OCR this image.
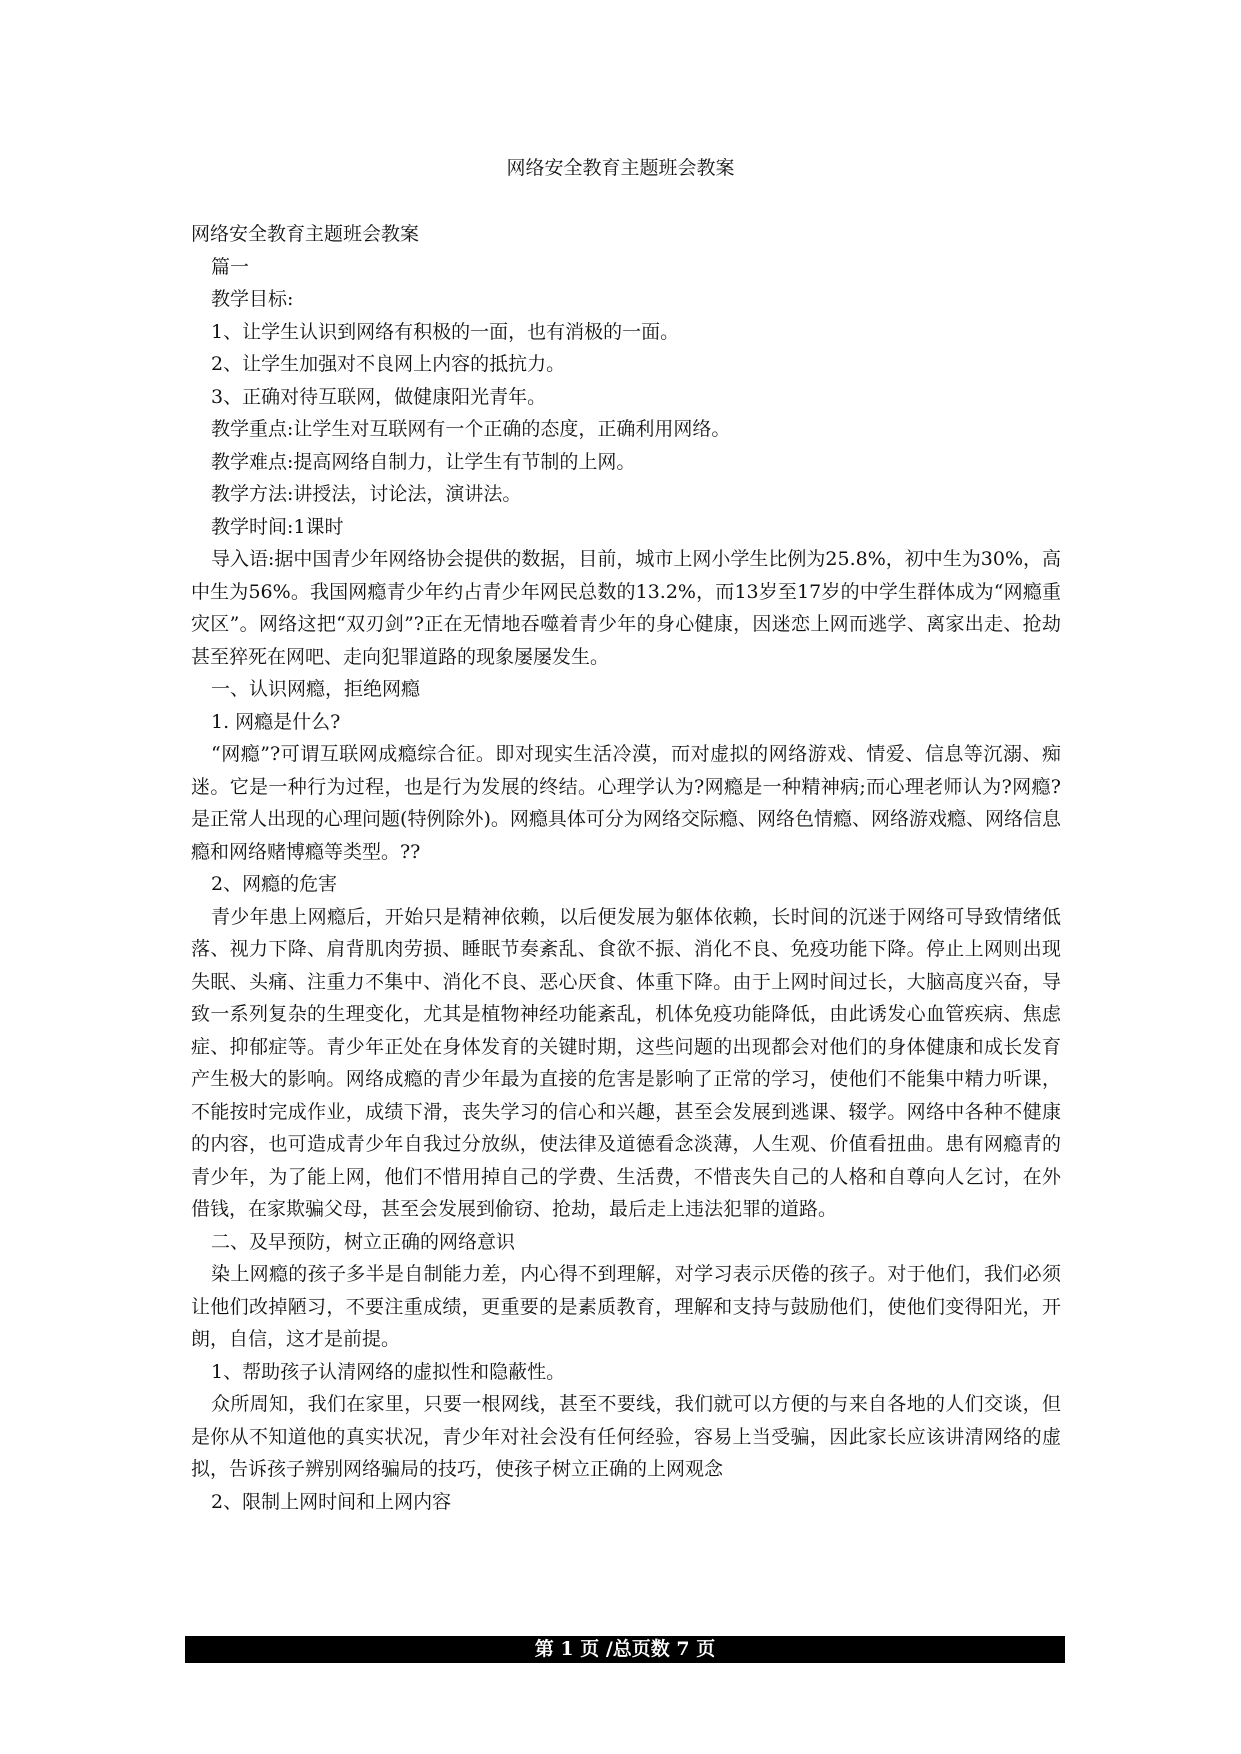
网络安全教育主题班会教案

网络安全教育主题班会教案

篇一

教学目标:

1、让学生认识到网络有积极的一面，也有消极的一面。

2、让学生加强对不良网上内容的抵抗力。

3、正确对待互联网，做健康阳光青年。

教学重点:让学生对互联网有一个正确的态度，正确利用网络。

教学难点:提高网络自制力，让学生有节制的上网。

教学方法:讲授法，讨论法，演讲法。

教学时间:1课时

导入语:据中国青少年网络协会提供的数据，目前，城市上网小学生比例为25.8%，初中生为30%，高中生为56%。我国网瘾青少年约占青少年网民总数的13.2%，而13岁至17岁的中学生群体成为“网瘾重灾区”。网络这把“双刃剑”?正在无情地吞噬着青少年的身心健康，因迷恋上网而逃学、离家出走、抢劫甚至猝死在网吧、走向犯罪道路的现象屡屡发生。

一、认识网瘾，拒绝网瘾

1. 网瘾是什么?

“网瘾”?可谓互联网成瘾综合征。即对现实生活冷漠，而对虚拟的网络游戏、情爱、信息等沉溺、痴迷。它是一种行为过程，也是行为发展的终结。心理学认为?网瘾是一种精神病;而心理老师认为?网瘾?是正常人出现的心理问题(特例除外)。网瘾具体可分为网络交际瘾、网络色情瘾、网络游戏瘾、网络信息瘾和网络赌博瘾等类型。??

2、网瘾的危害

青少年患上网瘾后，开始只是精神依赖，以后便发展为躯体依赖，长时间的沉迷于网络可导致情绪低落、视力下降、肩背肌肉劳损、睡眠节奏紊乱、食欲不振、消化不良、免疫功能下降。停止上网则出现失眠、头痛、注重力不集中、消化不良、恶心厌食、体重下降。由于上网时间过长，大脑高度兴奋，导致一系列复杂的生理变化，尤其是植物神经功能紊乱，机体免疫功能降低，由此诱发心血管疾病、焦虑症、抑郁症等。青少年正处在身体发育的关键时期，这些问题的出现都会对他们的身体健康和成长发育产生极大的影响。网络成瘾的青少年最为直接的危害是影响了正常的学习，使他们不能集中精力听课，不能按时完成作业，成绩下滑，丧失学习的信心和兴趣，甚至会发展到逃课、辍学。网络中各种不健康的内容，也可造成青少年自我过分放纵，使法律及道德看念淡薄，人生观、价值看扭曲。患有网瘾青的青少年，为了能上网，他们不惜用掉自己的学费、生活费，不惜丧失自己的人格和自尊向人乞讨，在外借钱，在家欺骗父母，甚至会发展到偷窃、抢劫，最后走上违法犯罪的道路。

二、及早预防，树立正确的网络意识

染上网瘾的孩子多半是自制能力差，内心得不到理解，对学习表示厌倦的孩子。对于他们，我们必须让他们改掉陋习，不要注重成绩，更重要的是素质教育，理解和支持与鼓励他们，使他们变得阳光，开朗，自信，这才是前提。

1、帮助孩子认清网络的虚拟性和隐蔽性。

众所周知，我们在家里，只要一根网线，甚至不要线，我们就可以方便的与来自各地的人们交谈，但是你从不知道他的真实状况，青少年对社会没有任何经验，容易上当受骗，因此家长应该讲清网络的虚拟，告诉孩子辨别网络骗局的技巧，使孩子树立正确的上网观念

2、限制上网时间和上网内容

第 1 页 /总页数 7 页
